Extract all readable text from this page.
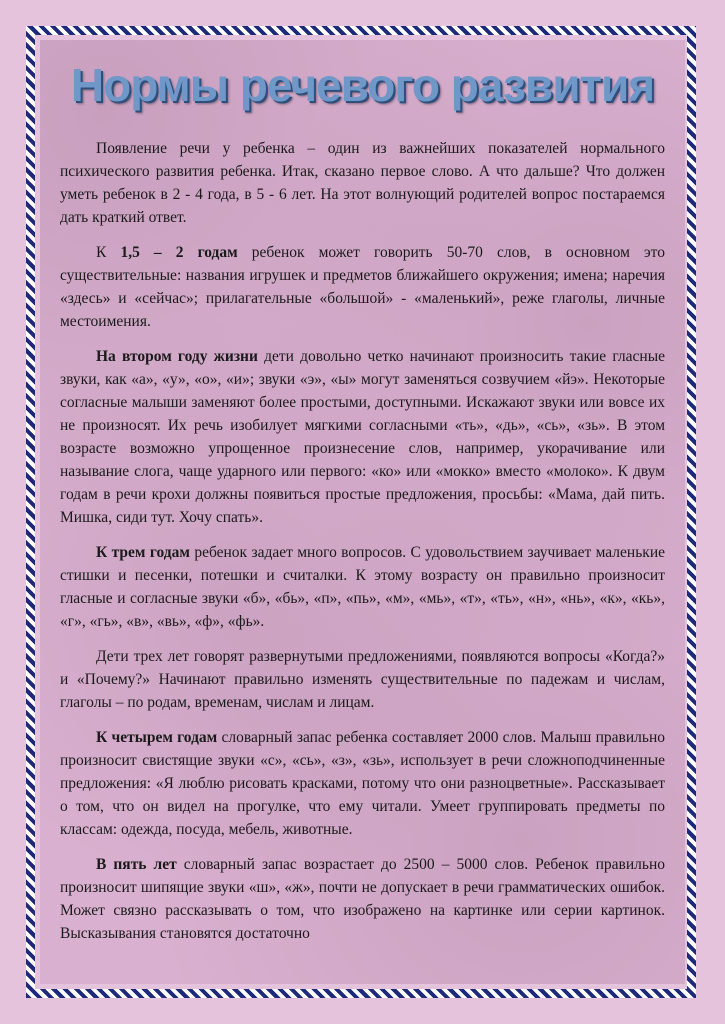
Нормы речевого развития

Появление речи у ребенка – один из важнейших показателей нормального психического развития ребенка. Итак, сказано первое слово. А что дальше? Что должен уметь ребенок в 2 - 4 года, в 5 - 6 лет. На этот волнующий родителей вопрос постараемся дать краткий ответ.

К 1,5 – 2 годам ребенок может говорить 50-70 слов, в основном это существительные: названия игрушек и предметов ближайшего окружения; имена; наречия «здесь» и «сейчас»; прилагательные «большой» - «маленький», реже глаголы, личные местоимения.

На втором году жизни дети довольно четко начинают произносить такие гласные звуки, как «а», «у», «о», «и»; звуки «э», «ы» могут заменяться созвучием «йэ». Некоторые согласные малыши заменяют более простыми, доступными. Искажают звуки или вовсе их не произносят. Их речь изобилует мягкими согласными «ть», «дь», «сь», «зь». В этом возрасте возможно упрощенное произнесение слов, например, укорачивание или называние слога, чаще ударного или первого: «ко» или «мокко» вместо «молоко». К двум годам в речи крохи должны появиться простые предложения, просьбы: «Мама, дай пить. Мишка, сиди тут. Хочу спать».

К трем годам ребенок задает много вопросов. С удовольствием заучивает маленькие стишки и песенки, потешки и считалки. К этому возрасту он правильно произносит гласные и согласные звуки «б», «бь», «п», «пь», «м», «мь», «т», «ть», «н», «нь», «к», «кь», «г», «гь», «в», «вь», «ф», «фь».

Дети трех лет говорят развернутыми предложениями, появляются вопросы «Когда?» и «Почему?» Начинают правильно изменять существительные по падежам и числам, глаголы – по родам, временам, числам и лицам.

К четырем годам словарный запас ребенка составляет 2000 слов. Малыш правильно произносит свистящие звуки «с», «сь», «з», «зь», использует в речи сложноподчиненные предложения: «Я люблю рисовать красками, потому что они разноцветные». Рассказывает о том, что он видел на прогулке, что ему читали. Умеет группировать предметы по классам: одежда, посуда, мебель, животные.

В пять лет словарный запас возрастает до 2500 – 5000 слов. Ребенок правильно произносит шипящие звуки «ш», «ж», почти не допускает в речи грамматических ошибок. Может связно рассказывать о том, что изображено на картинке или серии картинок. Высказывания становятся достаточно
